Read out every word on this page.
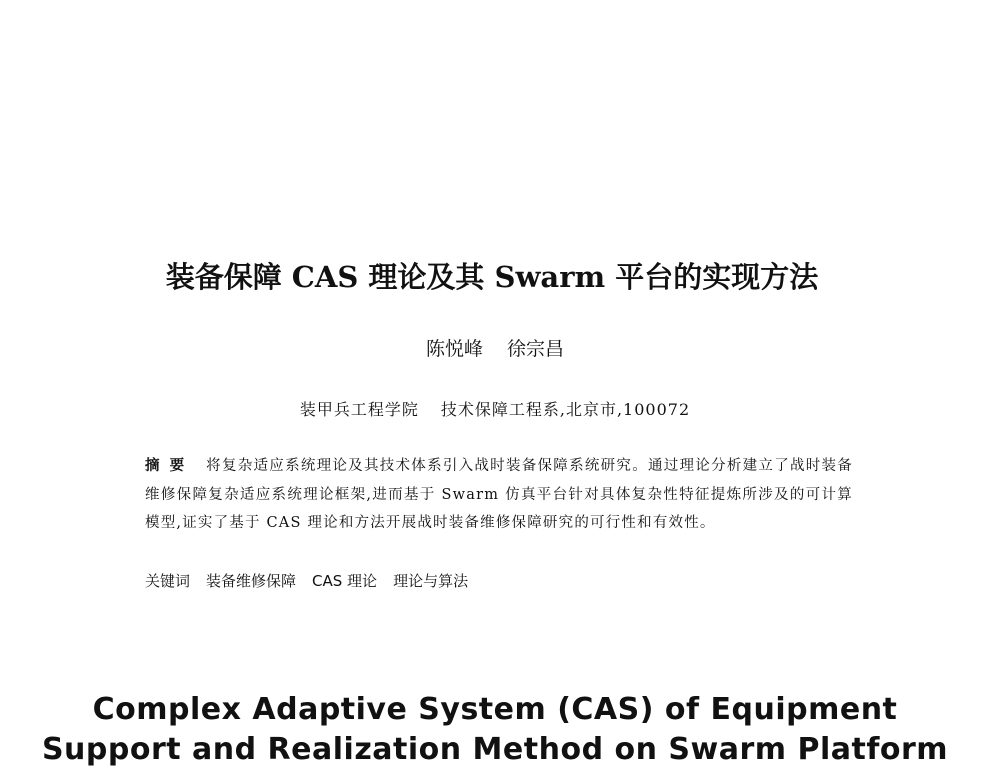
装备保障 CAS 理论及其 Swarm 平台的实现方法
陈悦峰 徐宗昌
装甲兵工程学院 技术保障工程系,北京市,100072
摘要 将复杂适应系统理论及其技术体系引入战时装备保障系统研究。通过理论分析建立了战时装备维修保障复杂适应系统理论框架,进而基于 Swarm 仿真平台针对具体复杂性特征提炼所涉及的可计算模型,证实了基于 CAS 理论和方法开展战时装备维修保障研究的可行性和有效性。
关键词 装备维修保障 CAS 理论 理论与算法
Complex Adaptive System (CAS) of Equipment
Support and Realization Method on Swarm Platform
